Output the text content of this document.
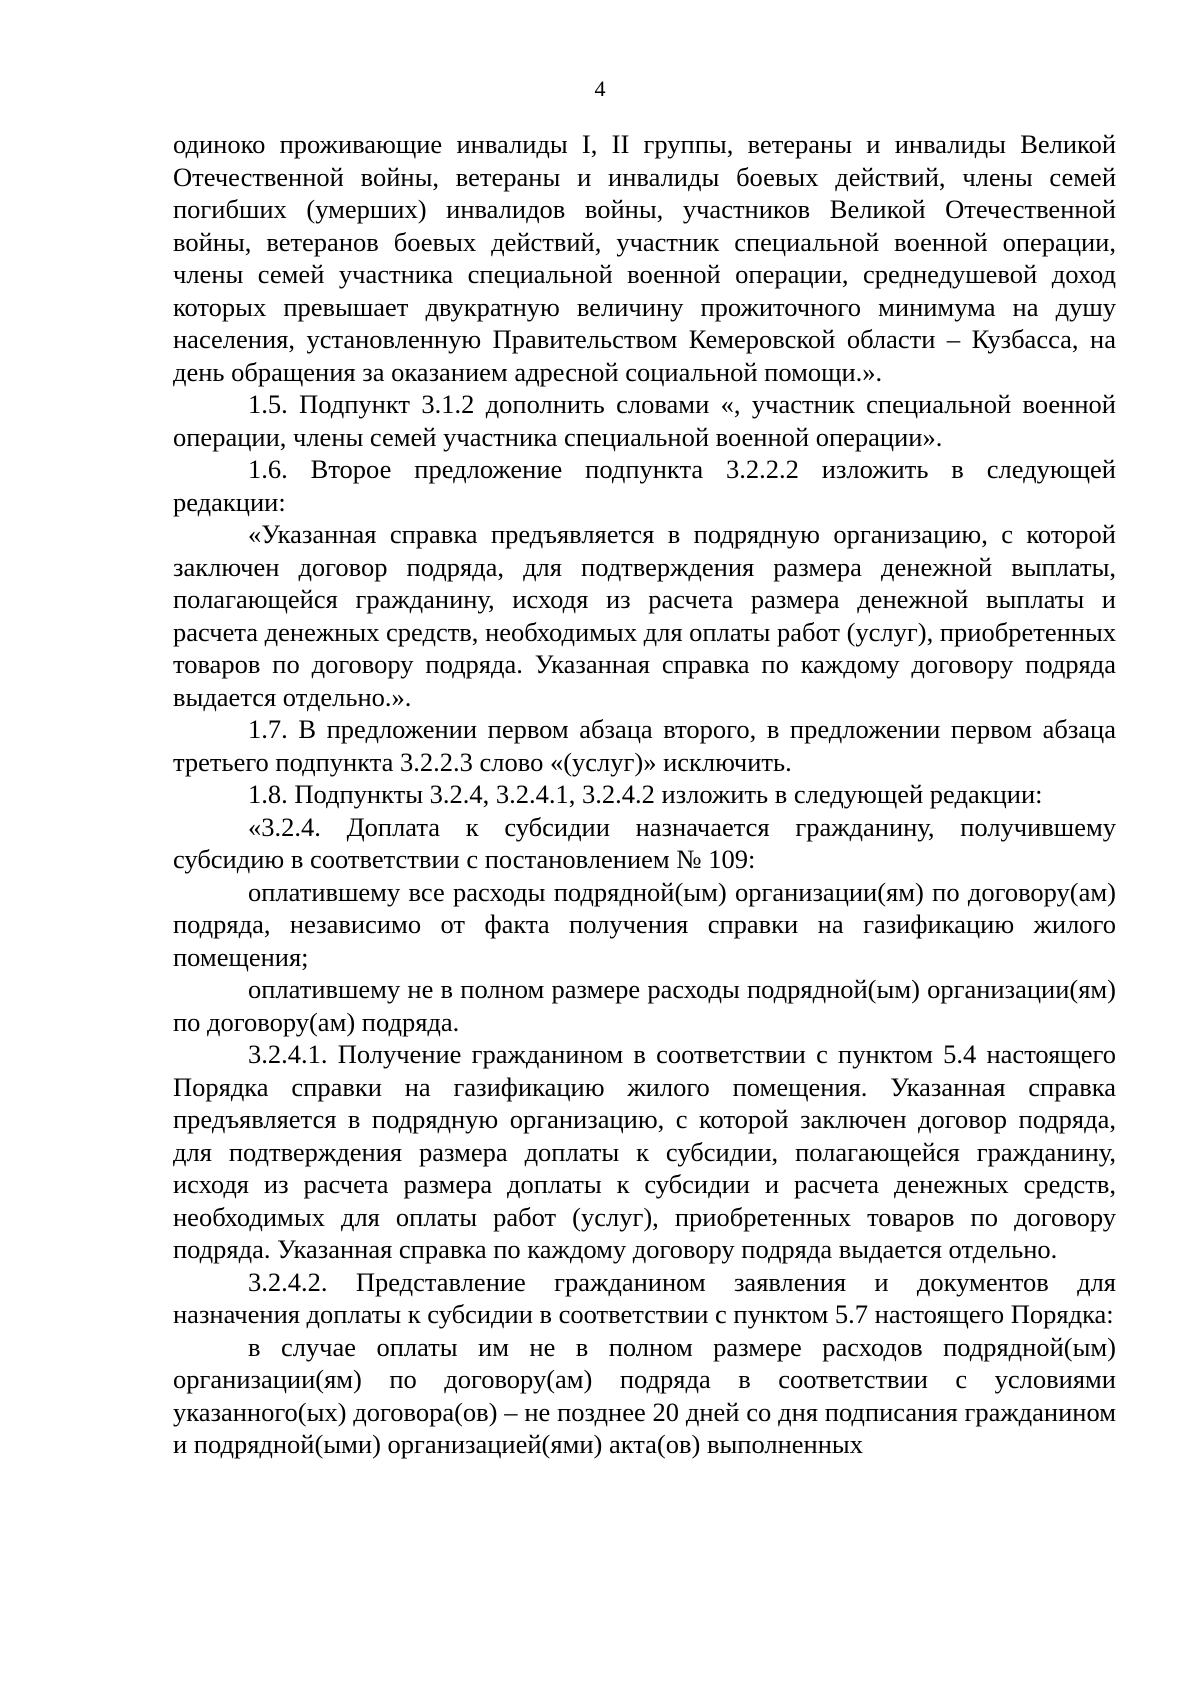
4

одиноко проживающие инвалиды I, II группы, ветераны и инвалиды Великой Отечественной войны, ветераны и инвалиды боевых действий, члены семей погибших (умерших) инвалидов войны, участников Великой Отечественной войны, ветеранов боевых действий, участник специальной военной операции, члены семей участника специальной военной операции, среднедушевой доход которых превышает двукратную величину прожиточного минимума на душу населения, установленную Правительством Кемеровской области – Кузбасса, на день обращения за оказанием адресной социальной помощи.».

1.5. Подпункт 3.1.2 дополнить словами «, участник специальной военной операции, члены семей участника специальной военной операции».

1.6. Второе предложение подпункта 3.2.2.2 изложить в следующей редакции:

«Указанная справка предъявляется в подрядную организацию, с которой заключен договор подряда, для подтверждения размера денежной выплаты, полагающейся гражданину, исходя из расчета размера денежной выплаты и расчета денежных средств, необходимых для оплаты работ (услуг), приобретенных товаров по договору подряда. Указанная справка по каждому договору подряда выдается отдельно.».

1.7. В предложении первом абзаца второго, в предложении первом абзаца третьего подпункта 3.2.2.3 слово «(услуг)» исключить.

1.8. Подпункты 3.2.4, 3.2.4.1, 3.2.4.2 изложить в следующей редакции:

«3.2.4. Доплата к субсидии назначается гражданину, получившему субсидию в соответствии с постановлением № 109:

оплатившему все расходы подрядной(ым) организации(ям) по договору(ам) подряда, независимо от факта получения справки на газификацию жилого помещения;

оплатившему не в полном размере расходы подрядной(ым) организации(ям) по договору(ам) подряда.

3.2.4.1. Получение гражданином в соответствии с пунктом 5.4 настоящего Порядка справки на газификацию жилого помещения. Указанная справка предъявляется в подрядную организацию, с которой заключен договор подряда, для подтверждения размера доплаты к субсидии, полагающейся гражданину, исходя из расчета размера доплаты к субсидии и расчета денежных средств, необходимых для оплаты работ (услуг), приобретенных товаров по договору подряда. Указанная справка по каждому договору подряда выдается отдельно.

3.2.4.2. Представление гражданином заявления и документов для назначения доплаты к субсидии в соответствии с пунктом 5.7 настоящего Порядка:

в случае оплаты им не в полном размере расходов подрядной(ым) организации(ям) по договору(ам) подряда в соответствии с условиями указанного(ых) договора(ов) – не позднее 20 дней со дня подписания гражданином и подрядной(ыми) организацией(ями) акта(ов) выполненных
